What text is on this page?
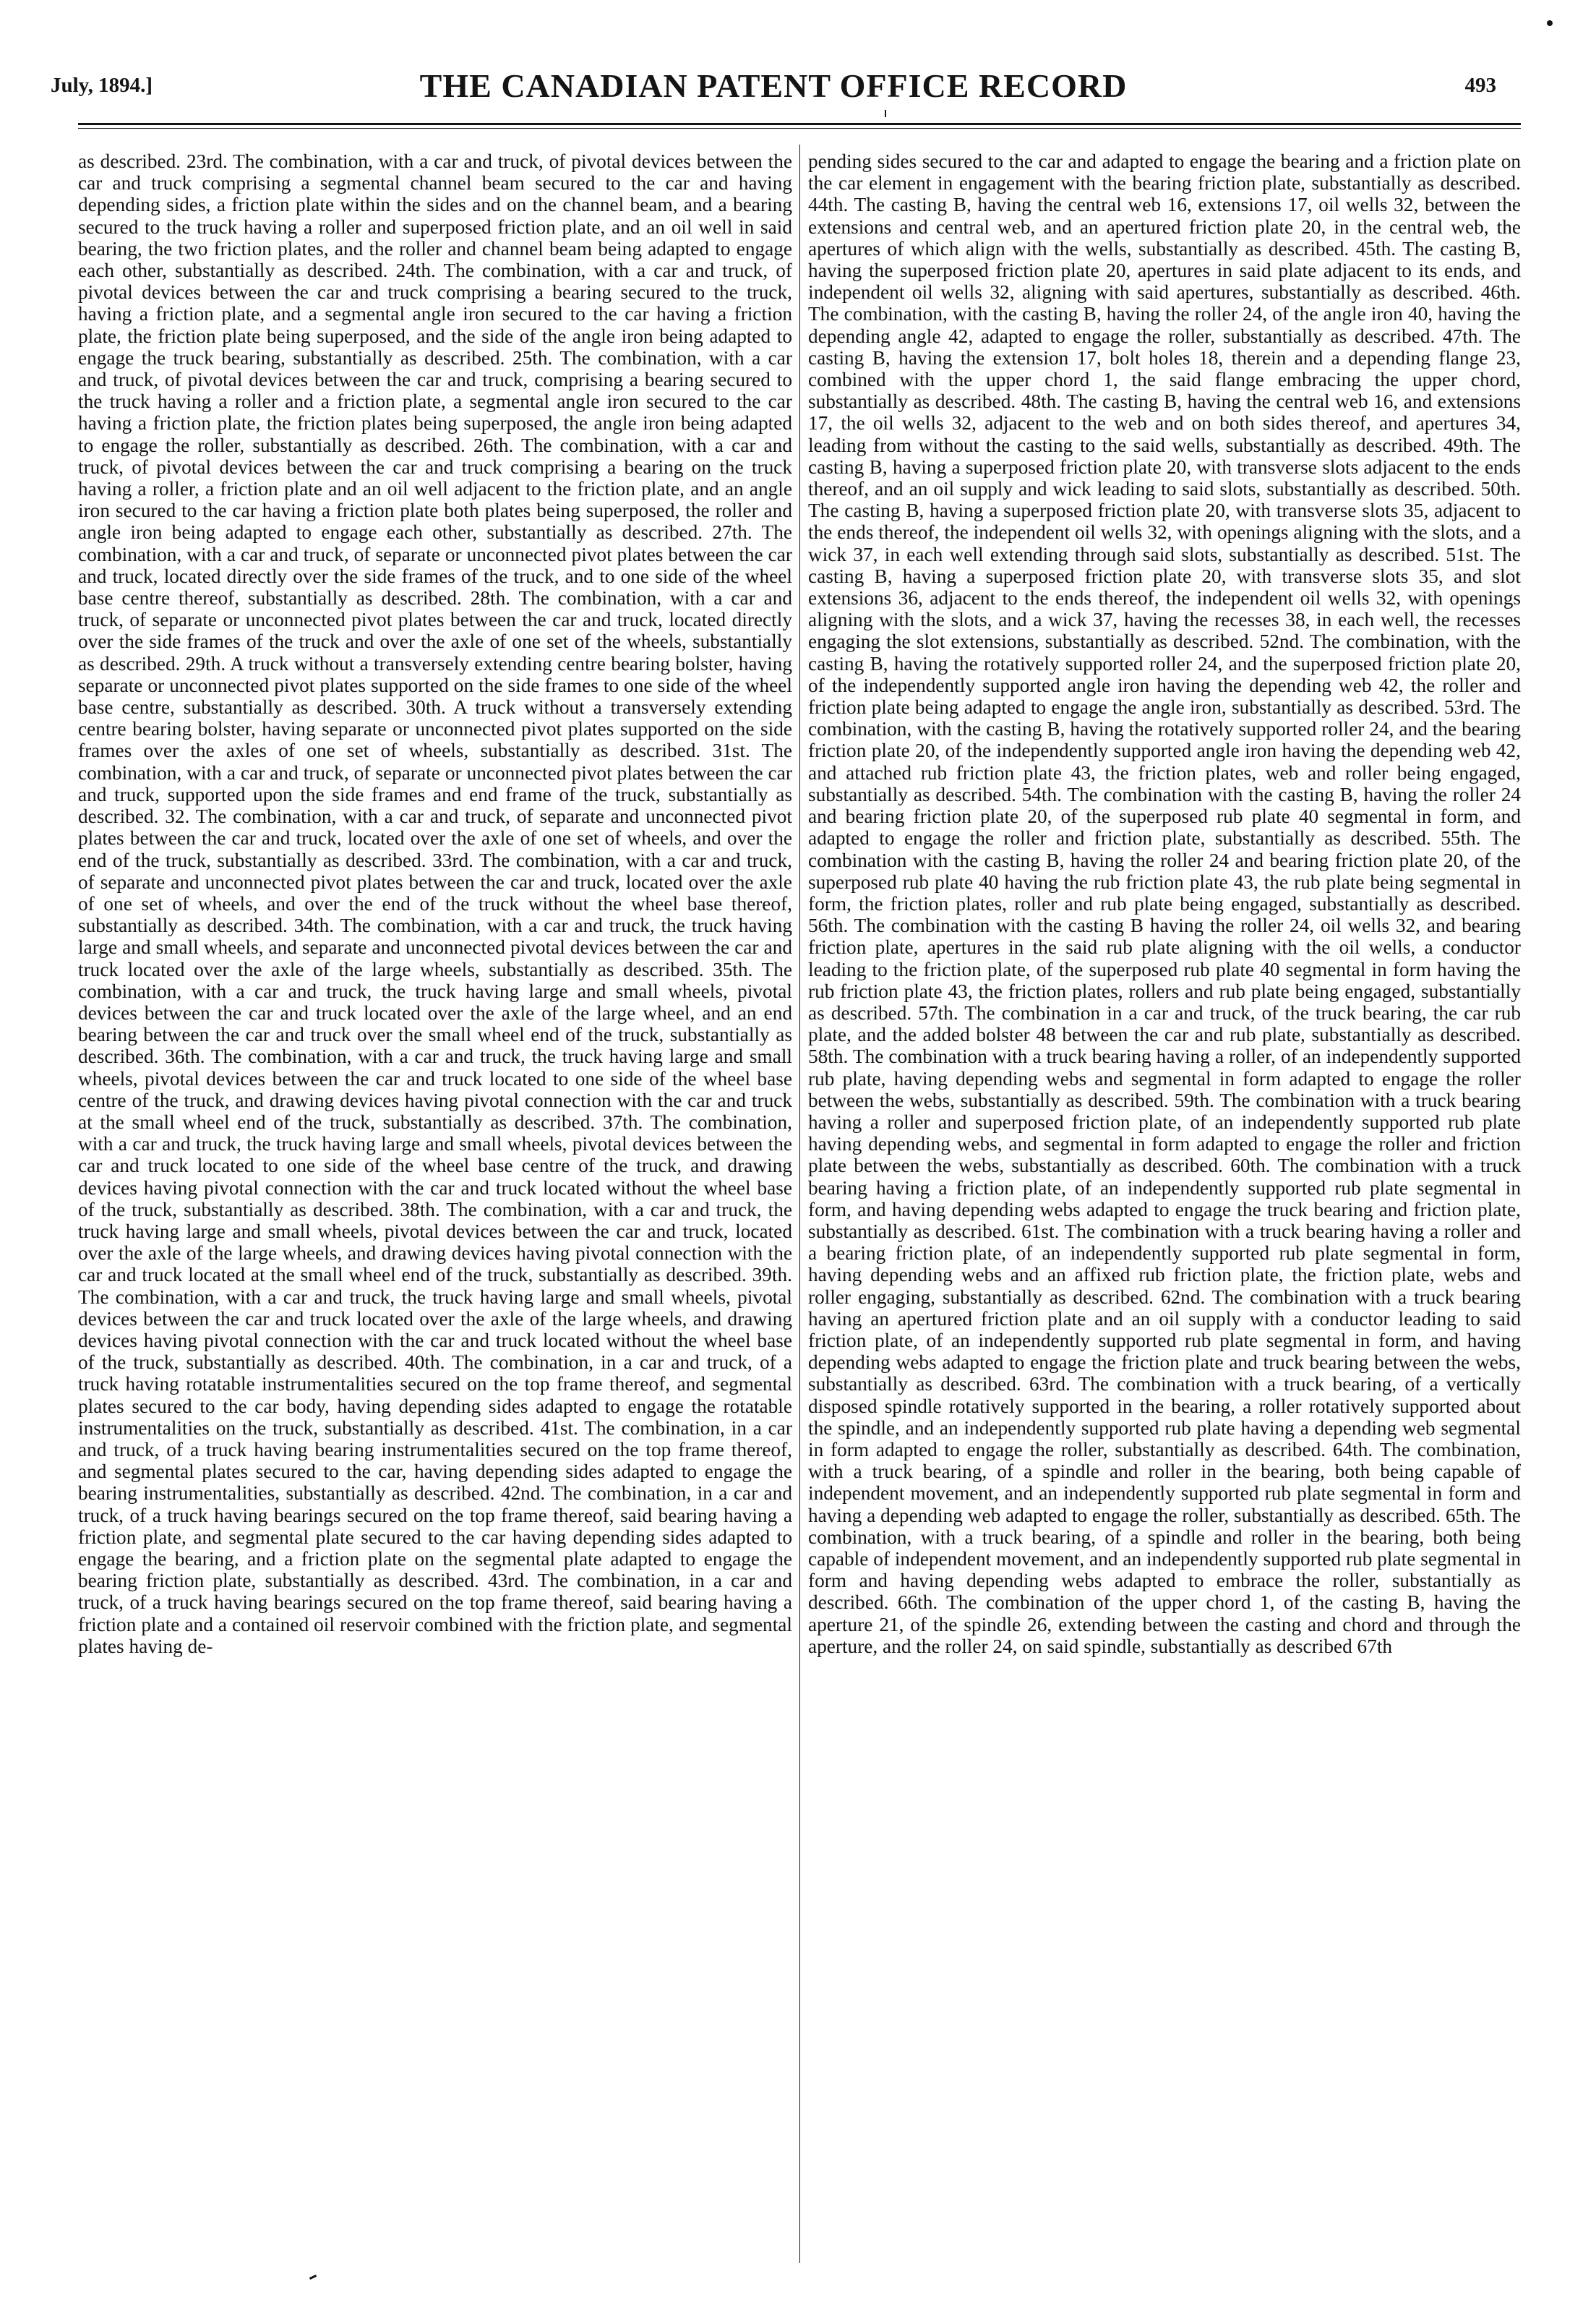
July, 1894.]	THE CANADIAN PATENT OFFICE RECORD	493
as described. 23rd. The combination, with a car and truck, of pivotal devices between the car and truck comprising a segmental channel beam secured to the car and having depending sides, a friction plate within the sides and on the channel beam, and a bearing secured to the truck having a roller and superposed friction plate, and an oil well in said bearing, the two friction plates, and the roller and channel beam being adapted to engage each other, substantially as described. 24th. The combination, with a car and truck, of pivotal devices between the car and truck comprising a bearing secured to the truck, having a friction plate, and a segmental angle iron secured to the car having a friction plate, the friction plate being superposed, and the side of the angle iron being adapted to engage the truck bearing, substantially as described. 25th. The combination, with a car and truck, of pivotal devices between the car and truck, comprising a bearing secured to the truck having a roller and a friction plate, a segmental angle iron secured to the car having a friction plate, the friction plates being superposed, the angle iron being adapted to engage the roller, substantially as described. 26th. The combination, with a car and truck, of pivotal devices between the car and truck comprising a bearing on the truck having a roller, a friction plate and an oil well adjacent to the friction plate, and an angle iron secured to the car having a friction plate both plates being superposed, the roller and angle iron being adapted to engage each other, substantially as described. 27th. The combination, with a car and truck, of separate or unconnected pivot plates between the car and truck, located directly over the side frames of the truck, and to one side of the wheel base centre thereof, substantially as described. 28th. The combination, with a car and truck, of separate or unconnected pivot plates between the car and truck, located directly over the side frames of the truck and over the axle of one set of the wheels, substantially as described. 29th. A truck without a transversely extending centre bearing bolster, having separate or unconnected pivot plates supported on the side frames to one side of the wheel base centre, substantially as described. 30th. A truck without a transversely extending centre bearing bolster, having separate or unconnected pivot plates supported on the side frames over the axles of one set of wheels, substantially as described. 31st. The combination, with a car and truck, of separate or unconnected pivot plates between the car and truck, supported upon the side frames and end frame of the truck, substantially as described. 32. The combination, with a car and truck, of separate and unconnected pivot plates between the car and truck, located over the axle of one set of wheels, and over the end of the truck, substantially as described. 33rd. The combination, with a car and truck, of separate and unconnected pivot plates between the car and truck, located over the axle of one set of wheels, and over the end of the truck without the wheel base thereof, substantially as described. 34th. The combination, with a car and truck, the truck having large and small wheels, and separate and unconnected pivotal devices between the car and truck located over the axle of the large wheels, substantially as described. 35th. The combination, with a car and truck, the truck having large and small wheels, pivotal devices between the car and truck located over the axle of the large wheel, and an end bearing between the car and truck over the small wheel end of the truck, substantially as described. 36th. The combination, with a car and truck, the truck having large and small wheels, pivotal devices between the car and truck located to one side of the wheel base centre of the truck, and drawing devices having pivotal connection with the car and truck at the small wheel end of the truck, substantially as described. 37th. The combination, with a car and truck, the truck having large and small wheels, pivotal devices between the car and truck located to one side of the wheel base centre of the truck, and drawing devices having pivotal connection with the car and truck located without the wheel base of the truck, substantially as described. 38th. The combination, with a car and truck, the truck having large and small wheels, pivotal devices between the car and truck, located over the axle of the large wheels, and drawing devices having pivotal connection with the car and truck located at the small wheel end of the truck, substantially as described. 39th. The combination, with a car and truck, the truck having large and small wheels, pivotal devices between the car and truck located over the axle of the large wheels, and drawing devices having pivotal connection with the car and truck located without the wheel base of the truck, substantially as described. 40th. The combination, in a car and truck, of a truck having rotatable instrumentalities secured on the top frame thereof, and segmental plates secured to the car body, having depending sides adapted to engage the rotatable instrumentalities on the truck, substantially as described. 41st. The combination, in a car and truck, of a truck having bearing instrumentalities secured on the top frame thereof, and segmental plates secured to the car, having depending sides adapted to engage the bearing instrumentalities, substantially as described. 42nd. The combination, in a car and truck, of a truck having bearings secured on the top frame thereof, said bearing having a friction plate, and segmental plate secured to the car having depending sides adapted to engage the bearing, and a friction plate on the segmental plate adapted to engage the bearing friction plate, substantially as described. 43rd. The combination, in a car and truck, of a truck having bearings secured on the top frame thereof, said bearing having a friction plate and a contained oil reservoir combined with the friction plate, and segmental plates having de-
pending sides secured to the car and adapted to engage the bearing and a friction plate on the car element in engagement with the bearing friction plate, substantially as described. 44th. The casting B, having the central web 16, extensions 17, oil wells 32, between the extensions and central web, and an apertured friction plate 20, in the central web, the apertures of which align with the wells, substantially as described. 45th. The casting B, having the superposed friction plate 20, apertures in said plate adjacent to its ends, and independent oil wells 32, aligning with said apertures, substantially as described. 46th. The combination, with the casting B, having the roller 24, of the angle iron 40, having the depending angle 42, adapted to engage the roller, substantially as described. 47th. The casting B, having the extension 17, bolt holes 18, therein and a depending flange 23, combined with the upper chord 1, the said flange embracing the upper chord, substantially as described. 48th. The casting B, having the central web 16, and extensions 17, the oil wells 32, adjacent to the web and on both sides thereof, and apertures 34, leading from without the casting to the said wells, substantially as described. 49th. The casting B, having a superposed friction plate 20, with transverse slots adjacent to the ends thereof, and an oil supply and wick leading to said slots, substantially as described. 50th. The casting B, having a superposed friction plate 20, with transverse slots 35, adjacent to the ends thereof, the independent oil wells 32, with openings aligning with the slots, and a wick 37, in each well extending through said slots, substantially as described. 51st. The casting B, having a superposed friction plate 20, with transverse slots 35, and slot extensions 36, adjacent to the ends thereof, the independent oil wells 32, with openings aligning with the slots, and a wick 37, having the recesses 38, in each well, the recesses engaging the slot extensions, substantially as described. 52nd. The combination, with the casting B, having the rotatively supported roller 24, and the superposed friction plate 20, of the independently supported angle iron having the depending web 42, the roller and friction plate being adapted to engage the angle iron, substantially as described. 53rd. The combination, with the casting B, having the rotatively supported roller 24, and the bearing friction plate 20, of the independently supported angle iron having the depending web 42, and attached rub friction plate 43, the friction plates, web and roller being engaged, substantially as described. 54th. The combination with the casting B, having the roller 24 and bearing friction plate 20, of the superposed rub plate 40 segmental in form, and adapted to engage the roller and friction plate, substantially as described. 55th. The combination with the casting B, having the roller 24 and bearing friction plate 20, of the superposed rub plate 40 having the rub friction plate 43, the rub plate being segmental in form, the friction plates, roller and rub plate being engaged, substantially as described. 56th. The combination with the casting B having the roller 24, oil wells 32, and bearing friction plate, apertures in the said rub plate aligning with the oil wells, a conductor leading to the friction plate, of the superposed rub plate 40 segmental in form having the rub friction plate 43, the friction plates, rollers and rub plate being engaged, substantially as described. 57th. The combination in a car and truck, of the truck bearing, the car rub plate, and the added bolster 48 between the car and rub plate, substantially as described. 58th. The combination with a truck bearing having a roller, of an independently supported rub plate, having depending webs and segmental in form adapted to engage the roller between the webs, substantially as described. 59th. The combination with a truck bearing having a roller and superposed friction plate, of an independently supported rub plate having depending webs, and segmental in form adapted to engage the roller and friction plate between the webs, substantially as described. 60th. The combination with a truck bearing having a friction plate, of an independently supported rub plate segmental in form, and having depending webs adapted to engage the truck bearing and friction plate, substantially as described. 61st. The combination with a truck bearing having a roller and a bearing friction plate, of an independently supported rub plate segmental in form, having depending webs and an affixed rub friction plate, the friction plate, webs and roller engaging, substantially as described. 62nd. The combination with a truck bearing having an apertured friction plate and an oil supply with a conductor leading to said friction plate, of an independently supported rub plate segmental in form, and having depending webs adapted to engage the friction plate and truck bearing between the webs, substantially as described. 63rd. The combination with a truck bearing, of a vertically disposed spindle rotatively supported in the bearing, a roller rotatively supported about the spindle, and an independently supported rub plate having a depending web segmental in form adapted to engage the roller, substantially as described. 64th. The combination, with a truck bearing, of a spindle and roller in the bearing, both being capable of independent movement, and an independently supported rub plate segmental in form and having a depending web adapted to engage the roller, substantially as described. 65th. The combination, with a truck bearing, of a spindle and roller in the bearing, both being capable of independent movement, and an independently supported rub plate segmental in form and having depending webs adapted to embrace the roller, substantially as described. 66th. The combination of the upper chord 1, of the casting B, having the aperture 21, of the spindle 26, extending between the casting and chord and through the aperture, and the roller 24, on said spindle, substantially as described 67th
